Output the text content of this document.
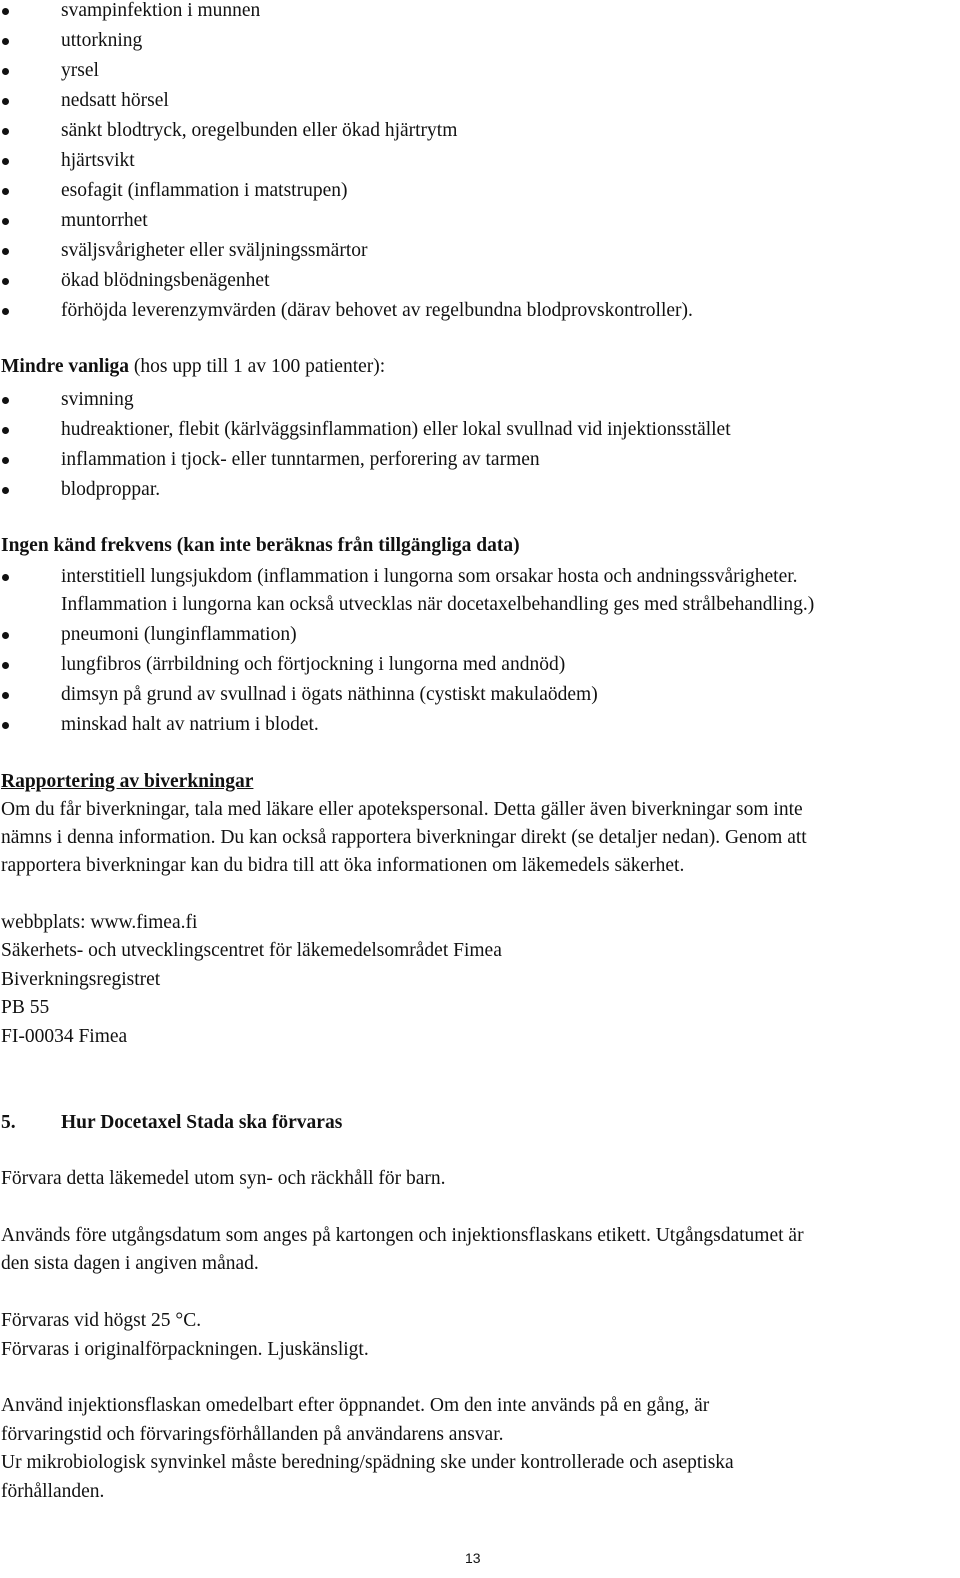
svampinfektion i munnen
uttorkning
yrsel
nedsatt hörsel
sänkt blodtryck, oregelbunden eller ökad hjärtrytm
hjärtsvikt
esofagit (inflammation i matstrupen)
muntorrhet
sväljsvårigheter eller sväljningssmärtor
ökad blödningsbenägenhet
förhöjda leverenzymvärden (därav behovet av regelbundna blodprovskontroller).
Mindre vanliga (hos upp till 1 av 100 patienter):
svimning
hudreaktioner, flebit (kärlväggsinflammation) eller lokal svullnad vid injektionsstället
inflammation i tjock- eller tunntarmen, perforering av tarmen
blodproppar.
Ingen känd frekvens (kan inte beräknas från tillgängliga data)
interstitiell lungsjukdom (inflammation i lungorna som orsakar hosta och andningssvårigheter.
Inflammation i lungorna kan också utvecklas när docetaxelbehandling ges med strålbehandling.)
pneumoni (lunginflammation)
lungfibros (ärrbildning och förtjockning i lungorna med andnöd)
dimsyn på grund av svullnad i ögats näthinna (cystiskt makulaödem)
minskad halt av natrium i blodet.
Rapportering av biverkningar
Om du får biverkningar, tala med läkare eller apotekspersonal. Detta gäller även biverkningar som inte
nämns i denna information. Du kan också rapportera biverkningar direkt (se detaljer nedan). Genom att
rapportera biverkningar kan du bidra till att öka informationen om läkemedels säkerhet.
webbplats: www.fimea.fi
Säkerhets- och utvecklingscentret för läkemedelsområdet Fimea
Biverkningsregistret
PB 55
FI-00034 Fimea
5. Hur Docetaxel Stada ska förvaras
Förvara detta läkemedel utom syn- och räckhåll för barn.
Används före utgångsdatum som anges på kartongen och injektionsflaskans etikett. Utgångsdatumet är
den sista dagen i angiven månad.
Förvaras vid högst 25 °C.
Förvaras i originalförpackningen. Ljuskänsligt.
Använd injektionsflaskan omedelbart efter öppnandet. Om den inte används på en gång, är
förvaringstid och förvaringsförhållanden på användarens ansvar.
Ur mikrobiologisk synvinkel måste beredning/spädning ske under kontrollerade och aseptiska
förhållanden.
13
